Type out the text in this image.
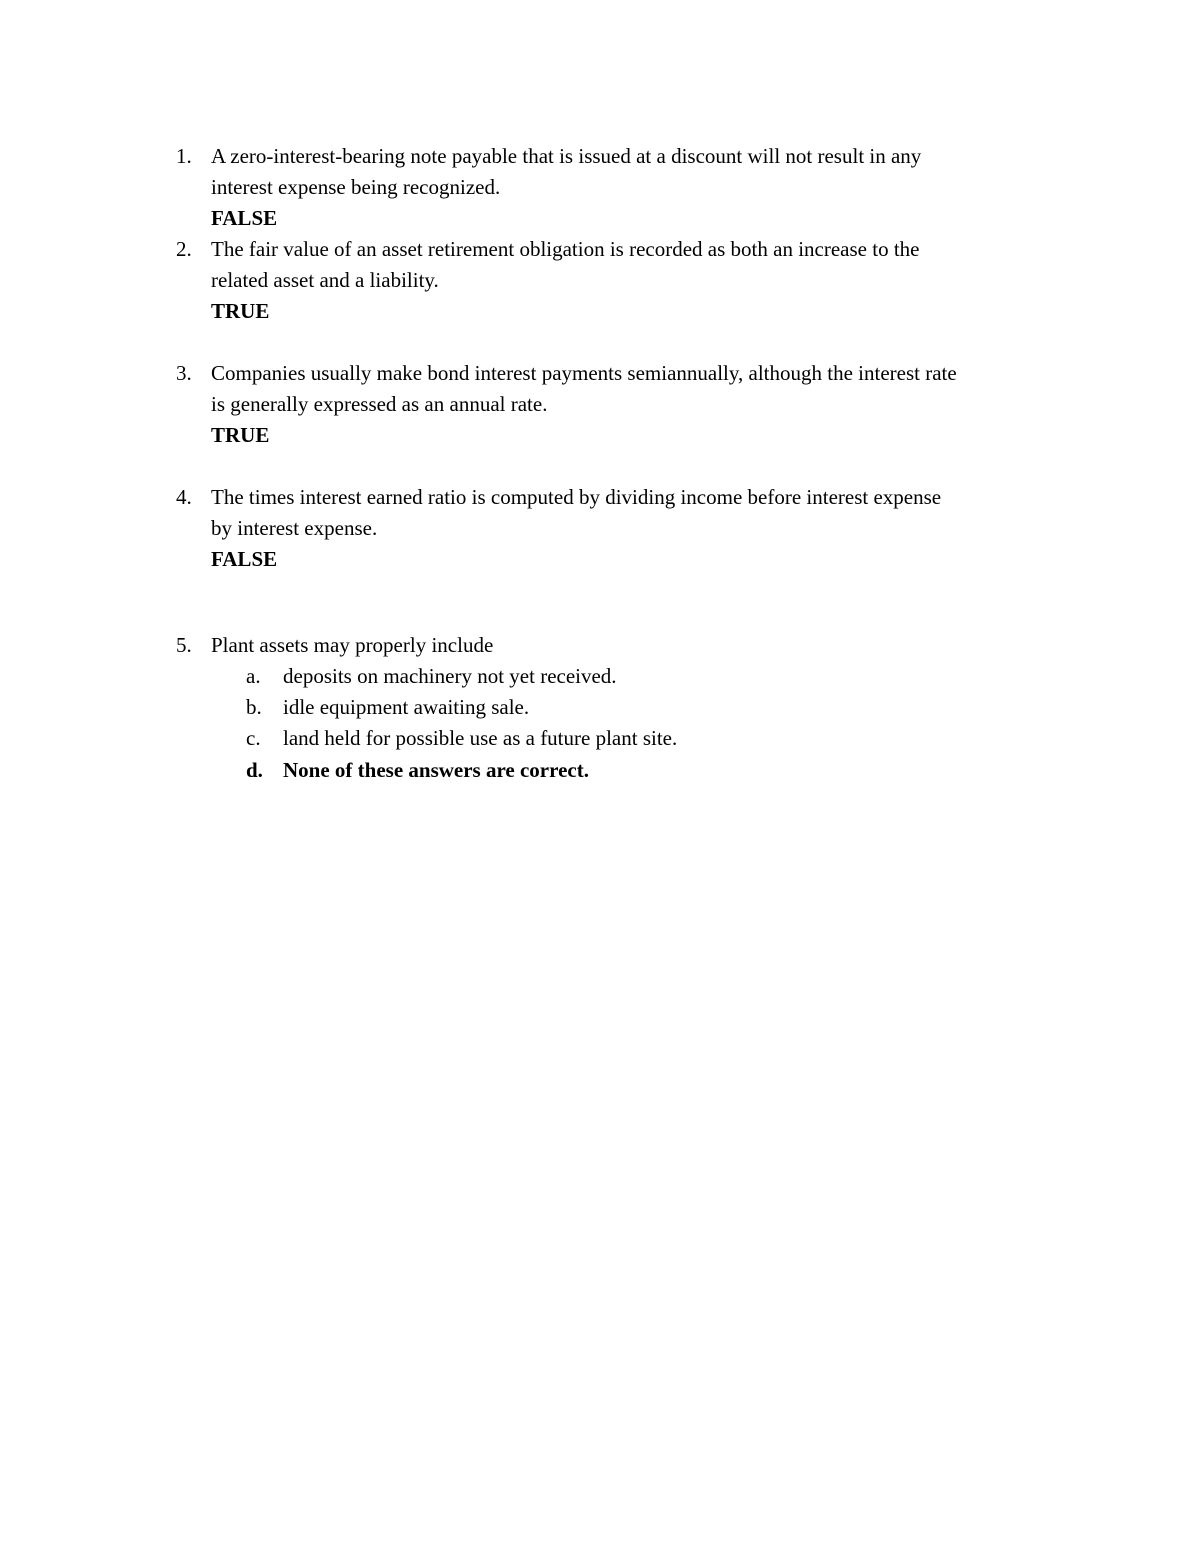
1. A zero-interest-bearing note payable that is issued at a discount will not result in any
interest expense being recognized.
FALSE
2. The fair value of an asset retirement obligation is recorded as both an increase to the
related asset and a liability.
TRUE
3. Companies usually make bond interest payments semiannually, although the interest rate
is generally expressed as an annual rate.
TRUE
4. The times interest earned ratio is computed by dividing income before interest expense
by interest expense.
FALSE
5. Plant assets may properly include
a. deposits on machinery not yet received.
b. idle equipment awaiting sale.
c. land held for possible use as a future plant site.
d. None of these answers are correct.
